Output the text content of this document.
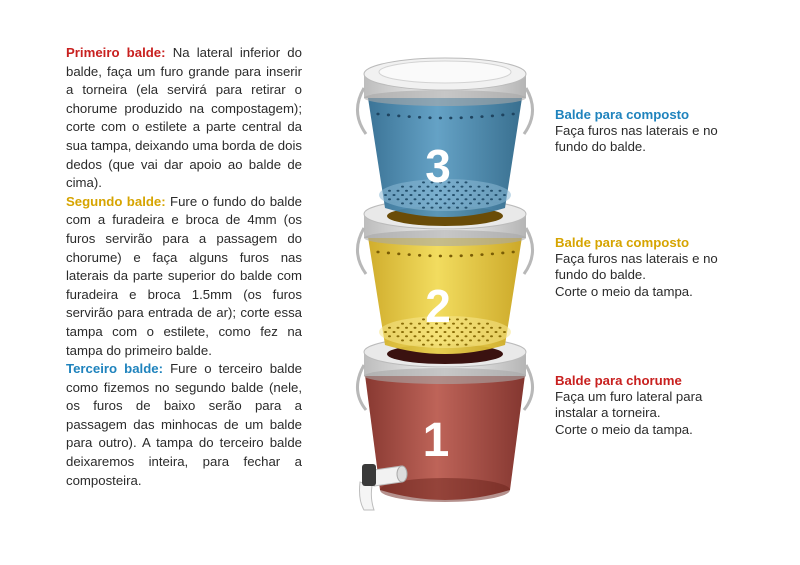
Primeiro balde: Na lateral inferior do balde, faça um furo grande para inserir a torneira (ela servirá para retirar o chorume produzido na compostagem); corte com o estilete a parte central da sua tampa, deixando uma borda de dois dedos (que vai dar apoio ao balde de cima).

Segundo balde: Fure o fundo do balde com a furadeira e broca de 4mm (os furos servirão para a passagem do chorume) e faça alguns furos nas laterais da parte superior do balde com furadeira e broca 1.5mm (os furos servirão para entrada de ar); corte essa tampa com o estilete, como fez na tampa do primeiro balde.

Terceiro balde: Fure o terceiro balde como fizemos no segundo balde (nele, os furos de baixo serão para a passagem das minhocas de um balde para outro). A tampa do terceiro balde deixaremos inteira, para fechar a composteira.

3
2
1
Balde para composto
Faça furos nas laterais e no
fundo do balde.
Balde para composto
Faça furos nas laterais e no
fundo do balde.
Corte o meio da tampa.
Balde para chorume
Faça um furo lateral para
instalar a torneira.
Corte o meio da tampa.
